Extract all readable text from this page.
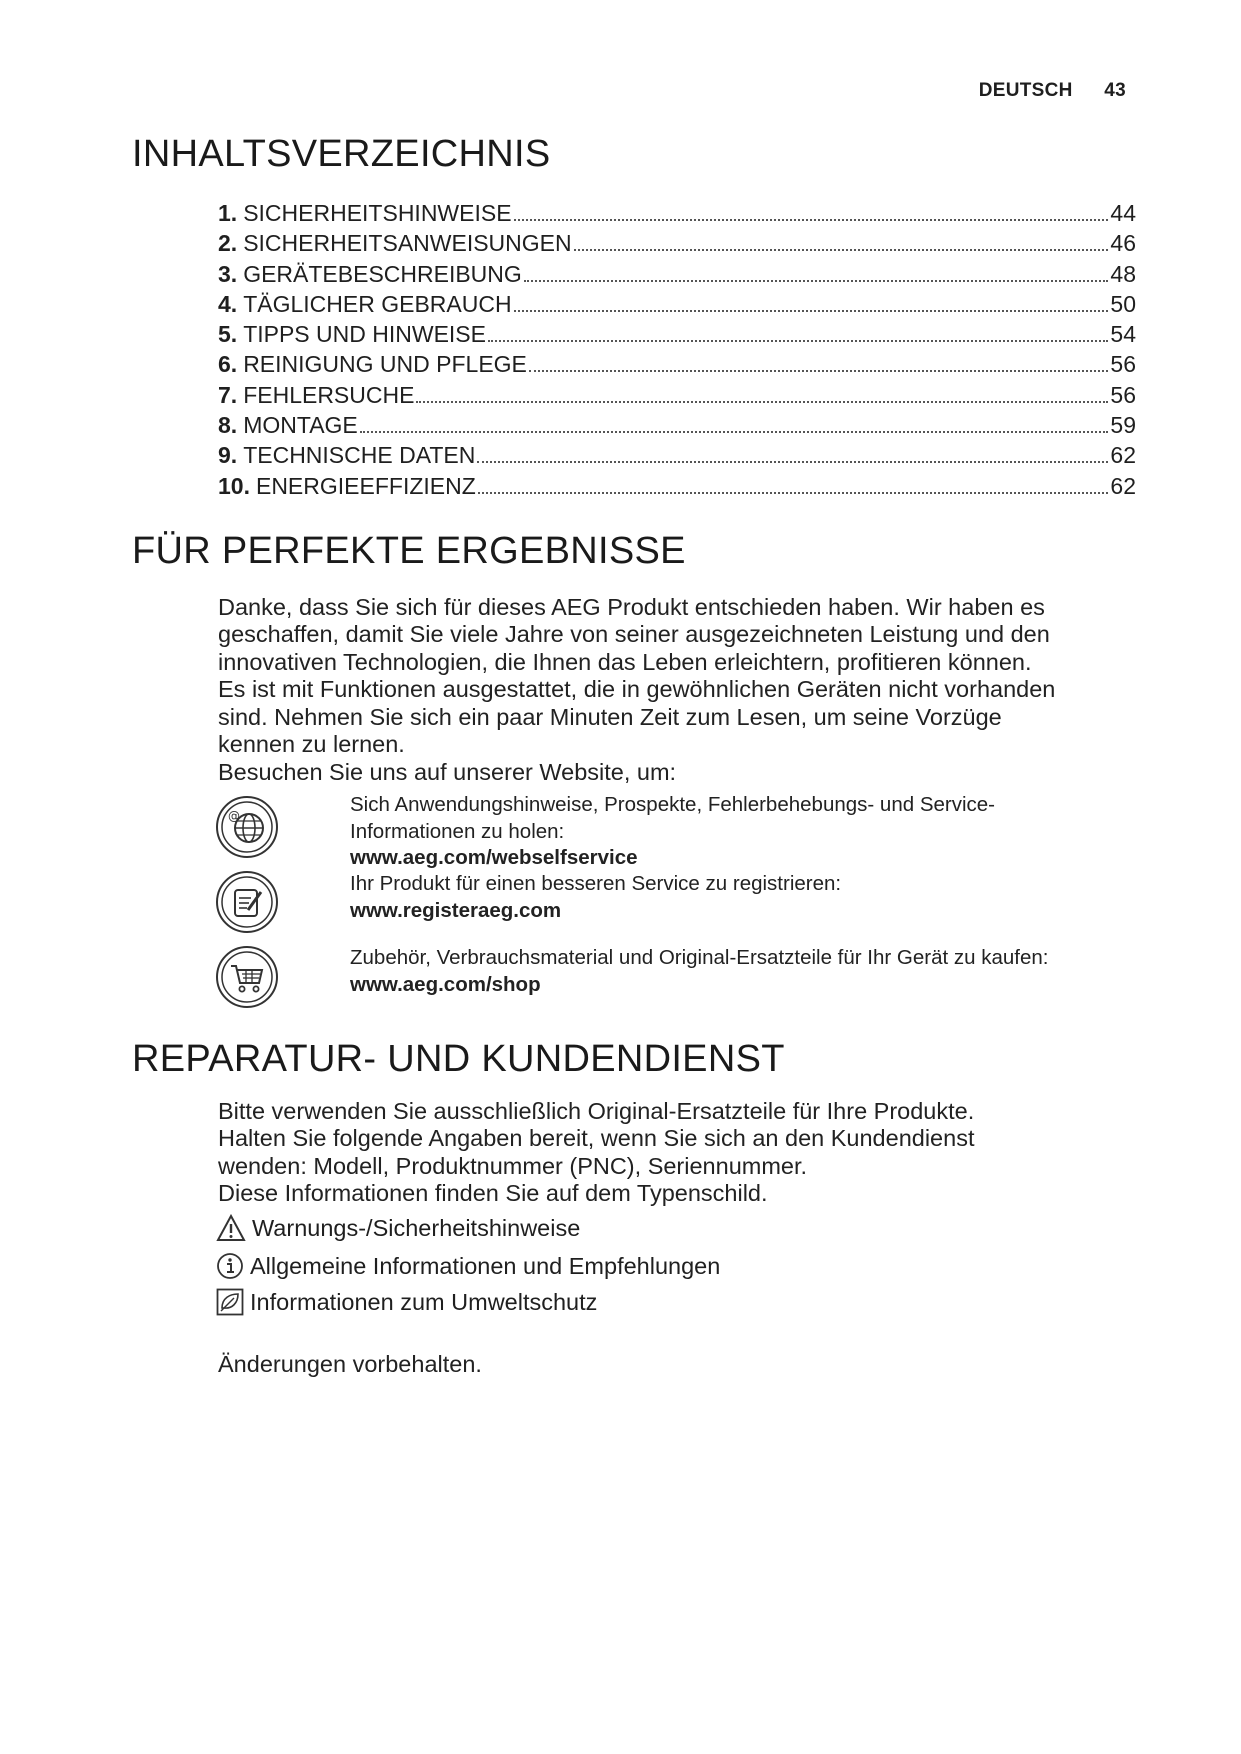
DEUTSCH 43
INHALTSVERZEICHNIS
1. SICHERHEITSHINWEISE	44
2. SICHERHEITSANWEISUNGEN	46
3. GERÄTEBESCHREIBUNG	48
4. TÄGLICHER GEBRAUCH	50
5. TIPPS UND HINWEISE	54
6. REINIGUNG UND PFLEGE	56
7. FEHLERSUCHE	56
8. MONTAGE	59
9. TECHNISCHE DATEN	62
10. ENERGIEEFFIZIENZ	62
FÜR PERFEKTE ERGEBNISSE
Danke, dass Sie sich für dieses AEG Produkt entschieden haben. Wir haben es
geschaffen, damit Sie viele Jahre von seiner ausgezeichneten Leistung und den
innovativen Technologien, die Ihnen das Leben erleichtern, profitieren können.
Es ist mit Funktionen ausgestattet, die in gewöhnlichen Geräten nicht vorhanden
sind. Nehmen Sie sich ein paar Minuten Zeit zum Lesen, um seine Vorzüge
kennen zu lernen.
Besuchen Sie uns auf unserer Website, um:
@	Sich Anwendungshinweise, Prospekte, Fehlerbehebungs- und Service-
Informationen zu holen:
www.aeg.com/webselfservice
Ihr Produkt für einen besseren Service zu registrieren:
www.registeraeg.com
Zubehör, Verbrauchsmaterial und Original-Ersatzteile für Ihr Gerät zu kaufen:
www.aeg.com/shop
REPARATUR- UND KUNDENDIENST
Bitte verwenden Sie ausschließlich Original-Ersatzteile für Ihre Produkte.
Halten Sie folgende Angaben bereit, wenn Sie sich an den Kundendienst
wenden: Modell, Produktnummer (PNC), Seriennummer.
Diese Informationen finden Sie auf dem Typenschild.
Warnungs-/Sicherheitshinweise
Allgemeine Informationen und Empfehlungen
Informationen zum Umweltschutz
Änderungen vorbehalten.
